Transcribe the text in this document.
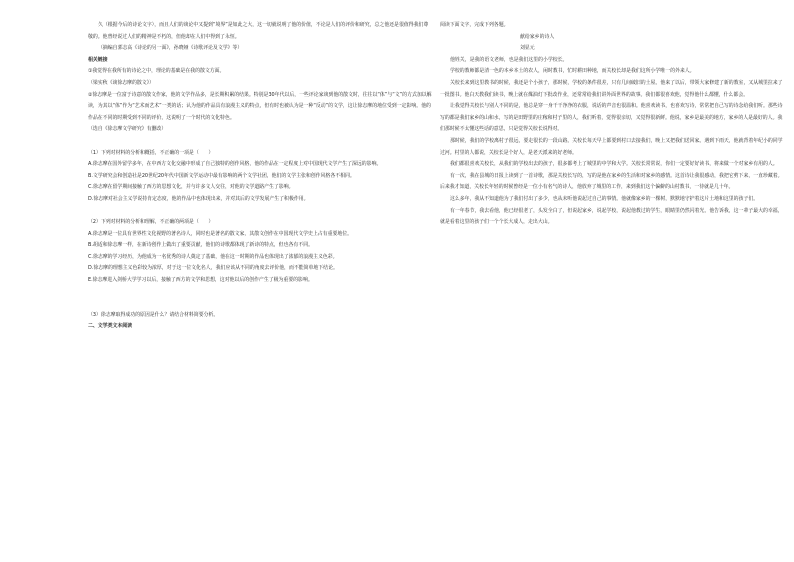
久（根据今后的诗论文字），而且人们的谈论中又提到“境界”是如此之大，这一切就说明了他的价值，不论是人们的评价和研究，总之他还是很值得我们尊敬的。他曾经说过人们的精神是不朽的，但他却在人们中得到了永恒。

（摘编自郭志高《诗论的另一面》，孙晓娅《诗歌评论及文学》等）

相关链接

①我觉得在我所有的诗论之中，理论的基础是在我的散文方面。

（梁实秋《谈徐志摩的散文》）

②徐志摩是一位富于诗意的散文作家，他的文学作品多，是长期积累的结果。特别是30年代以后，一些评论家谈到他的散文时，往往以“体”与“文”的方式加以解读，为其以“体”作为“艺术而艺术”一类的话；认为他的作品具有浪漫主义的特点，但有时也被认为是一种“反动”的文学，这让徐志摩的地位受到一定影响。他的作品在不同的时期受到不同的评价，这说明了一个时代的文化特色。

（选自《徐志摩文学研究》有删改）

（1）下列对材料的分析和概括，不正确的一项是（　　）

A.徐志摩在国外留学多年，在中西方文化交融中形成了自己独特的创作风格，他的作品在一定程度上对中国现代文学产生了深远的影响。

B.文学研究会和创造社是20世纪20年代中国新文学运动中最有影响的两个文学社团，他们的文学主张和创作风格各不相同。

C.徐志摩在留学期间接触了西方的思想文化，并与许多文人交往，对他的文学道路产生了影响。

D.徐志摩对社会主义学说持肯定态度，他的作品中也体现出来，并对其后的文学发展产生了积极作用。

（2）下列对材料的分析和理解，不正确的两项是（　　）

A.徐志摩是一位具有世界性文化视野的著名诗人，同时也是著名的散文家，其散文创作在中国现代文学史上占有重要地位。

B.胡适和徐志摩一样，在新诗创作上做出了重要贡献，他们的诗歌都体现了新诗的特点，但也各有不同。

C.徐志摩的学习经历，为他成为一名优秀的诗人奠定了基础，他在这一时期的作品也体现出了浓郁的浪漫主义色彩。

D.徐志摩的理想主义色彩较为浓厚，对于这一位文化名人，我们应该从不同的角度去评价他，而不能简单地下结论。

E.徐志摩进入剑桥大学学习以后，接触了西方的文学和思想，这对他以后的创作产生了极为重要的影响。

（3）徐志摩取得成功的原因是什么？请结合材料简要分析。

二、文学类文本阅读

阅读下面文字，完成下列各题。

献给家乡的诗人

刘显元

他姓关，是我的语文老师，也是我们这里的小学校长。

学校的教师都是清一色的本乡本土的农人，闲时教书，忙时耕田种地，而关校长却是我们这所小学唯一的外来人。

关校长来到这里教书的时候，我还是个小孩子，那时候，学校的条件很差，只有几间破旧的土屋。他来了以后，带领大家修建了新的教室，又从城里拉来了一批图书。他白天教我们读书，晚上就在煤油灯下批改作业，还常常给我们讲外面世界的故事。我们都很喜欢他，觉得他什么都懂，什么都会。

让我觉得关校长与别人不同的是，他总是穿一身干干净净的衣服，说话的声音也很温和。他喜欢读书，也喜欢写诗，常常把自己写的诗念给我们听。那些诗写的都是我们家乡的山和水，写的是田野里的庄稼和村子里的人，我们听着，觉得很亲切，又觉得很新鲜。他说，家乡是最美的地方，家乡的人是最好的人。我们那时候不太懂这些话的意思，只是觉得关校长说得对。

那时候，我们的学校离村子很远，要走很长的一段山路。关校长每天早上都要到村口去接我们，晚上又把我们送回家。遇到下雨天，他就背着年纪小的同学过河。村里的人都说，关校长是个好人，是老天派来的好老师。

我们都很喜欢关校长，从我们的学校出去的孩子，很多都考上了城里的中学和大学。关校长常常说，你们一定要好好读书，将来做一个对家乡有用的人。

有一次，我在县城的日报上读到了一首诗歌，那是关校长写的，写的是他在家乡的生活和对家乡的感情。这首诗让我很感动，我把它剪下来，一直珍藏着。后来我才知道，关校长年轻的时候曾经是一位小有名气的诗人，他放弃了城里的工作，来到我们这个偏僻的山村教书，一待就是几十年。

这么多年，我从不知道他为了我们付出了多少，也从未听他说起过自己的事情。他就像家乡的一棵树，默默地守护着这片土地和这里的孩子们。

有一年春节，我去看他，他已经很老了，头发全白了，但说起家乡，说起学校，说起他教过的学生，眼睛里仍然闪着光。他告诉我，这一辈子最大的幸福，就是看着这里的孩子们一个个长大成人，走出大山。
